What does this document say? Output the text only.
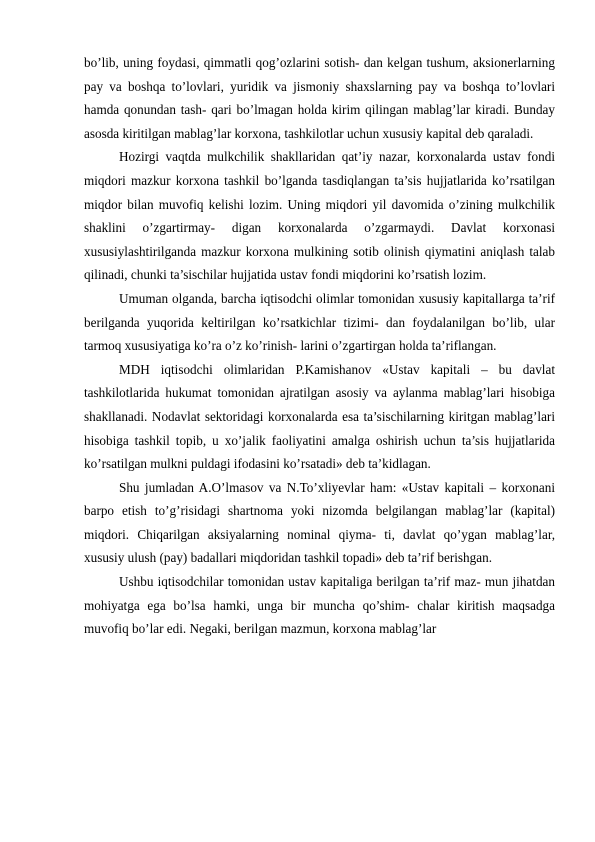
bo’lib, uning foydasi, qimmatli qog’ozlarini sotish- dan kelgan tushum, aksionerlarning pay va boshqa to’lovlari, yuridik va jismoniy shaxslarning pay va boshqa to’lovlari hamda qonundan tash- qari bo’lmagan holda kirim qilingan mablag’lar kiradi. Bunday asosda kiritilgan mablag’lar korxona, tashkilotlar uchun xususiy kapital deb qaraladi.

Hozirgi vaqtda mulkchilik shakllaridan qat’iy nazar, korxonalarda ustav fondi miqdori mazkur korxona tashkil bo’lganda tasdiqlangan ta’sis hujjatlarida ko’rsatilgan miqdor bilan muvofiq kelishi lozim. Uning miqdori yil davomida o’zining mulkchilik shaklini o’zgartirmay- digan korxonalarda o’zgarmaydi. Davlat korxonasi xususiylashtirilganda mazkur korxona mulkining sotib olinish qiymatini aniqlash talab qilinadi, chunki ta’sischilar hujjatida ustav fondi miqdorini ko’rsatish lozim.

Umuman olganda, barcha iqtisodchi olimlar tomonidan xususiy kapitallarga ta’rif berilganda yuqorida keltirilgan ko’rsatkichlar tizimi- dan foydalanilgan bo’lib, ular tarmoq xususiyatiga ko’ra o’z ko’rinish- larini o’zgartirgan holda ta’riflangan.

MDH iqtisodchi olimlaridan P.Kamishanov «Ustav kapitali – bu davlat tashkilotlarida hukumat tomonidan ajratilgan asosiy va aylanma mablag’lari hisobiga shakllanadi. Nodavlat sektoridagi korxonalarda esa ta’sischilarning kiritgan mablag’lari hisobiga tashkil topib, u xo’jalik faoliyatini amalga oshirish uchun ta’sis hujjatlarida ko’rsatilgan mulkni puldagi ifodasini ko’rsatadi» deb ta’kidlagan.

Shu jumladan A.O’lmasov va N.To’xliyevlar ham: «Ustav kapitali – korxonani barpo etish to’g’risidagi shartnoma yoki nizomda belgilangan mablag’lar (kapital) miqdori. Chiqarilgan aksiyalarning nominal qiyma- ti, davlat qo’ygan mablag’lar, xususiy ulush (pay) badallari miqdoridan tashkil topadi» deb ta’rif berishgan.

Ushbu iqtisodchilar tomonidan ustav kapitaliga berilgan ta’rif maz- mun jihatdan mohiyatga ega bo’lsa hamki, unga bir muncha qo’shim- chalar kiritish maqsadga muvofiq bo’lar edi. Negaki, berilgan mazmun, korxona mablag’lar
